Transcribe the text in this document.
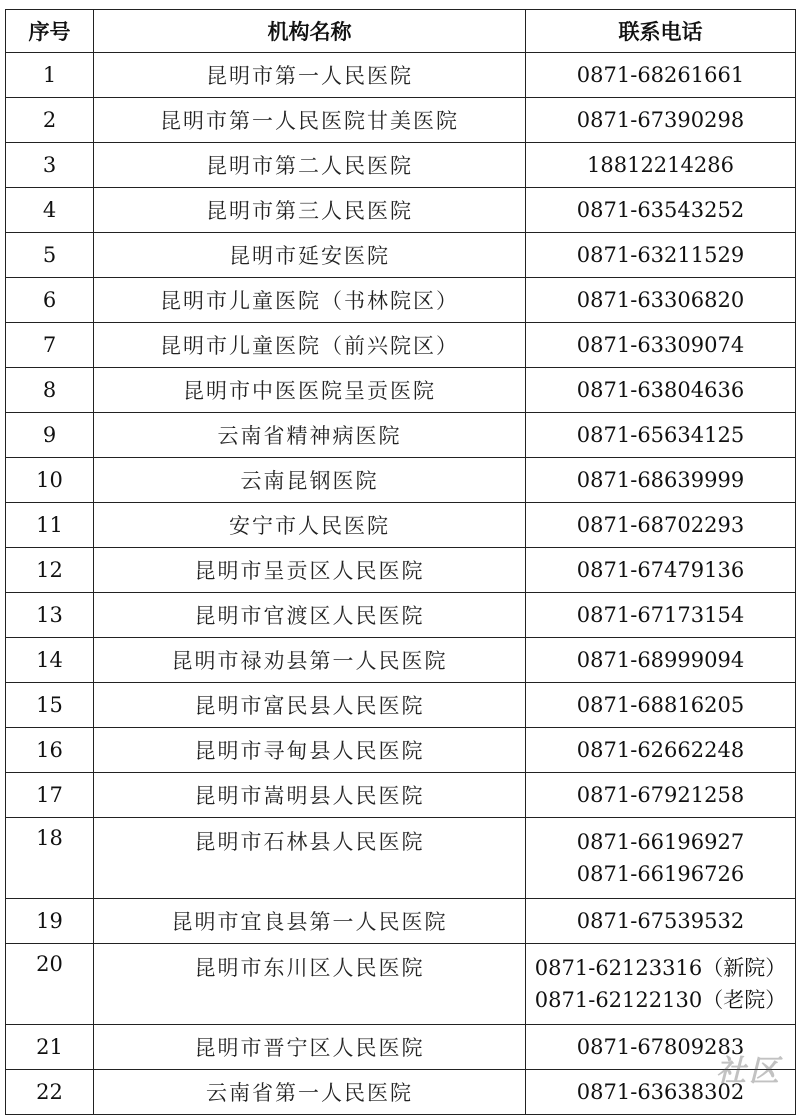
序号	机构名称	联系电话
1	昆明市第一人民医院	0871-68261661

2	昆明市第一人民医院甘美医院	0871-67390298

3	昆明市第二人民医院	18812214286

4	昆明市第三人民医院	0871-63543252

5	昆明市延安医院	0871-63211529

6	昆明市儿童医院（书林院区）	0871-63306820

7	昆明市儿童医院（前兴院区）	0871-63309074

8	昆明市中医医院呈贡医院	0871-63804636

9	云南省精神病医院	0871-65634125

10	云南昆钢医院	0871-68639999

11	安宁市人民医院	0871-68702293

12	昆明市呈贡区人民医院	0871-67479136

13	昆明市官渡区人民医院	0871-67173154

14	昆明市禄劝县第一人民医院	0871-68999094

15	昆明市富民县人民医院	0871-68816205

16	昆明市寻甸县人民医院	0871-62662248

17	昆明市嵩明县人民医院	0871-67921258

18	昆明市石林县人民医院	0871-66196927
0871-66196726

19	昆明市宜良县第一人民医院	0871-67539532

20	昆明市东川区人民医院	0871-62123316（新院）
0871-62122130（老院）

21	昆明市晋宁区人民医院	0871-67809283

22	云南省第一人民医院	0871-63638302
社区
